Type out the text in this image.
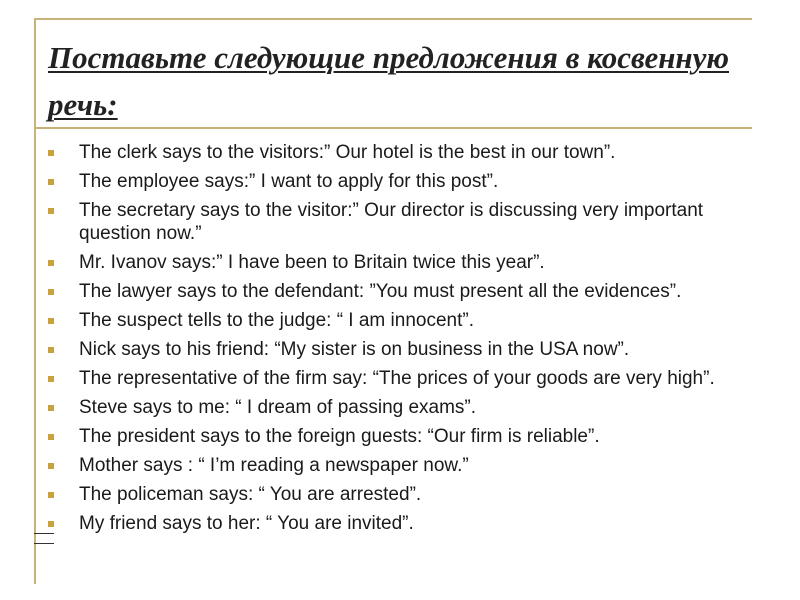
Поставьте следующие предложения в косвенную речь:
The clerk says to the visitors:” Our hotel is the best in our town”.
The employee says:” I want to apply for this post”.
The secretary says to the visitor:” Our director is discussing very important question now.”
Mr. Ivanov says:” I have been to Britain twice this year”.
The lawyer says to the defendant: ”You must present all the evidences”.
The suspect tells to the judge: “ I am innocent”.
Nick says to his friend: “My sister is on business in the USA now”.
The representative of the firm say: “The prices of your goods are very high”.
Steve says to me: “ I dream of passing exams”.
The president says to the foreign guests: “Our firm is reliable”.
Mother says : “ I’m reading a newspaper now.”
The policeman says: “ You are arrested”.
My friend says to her: “ You are invited”.
